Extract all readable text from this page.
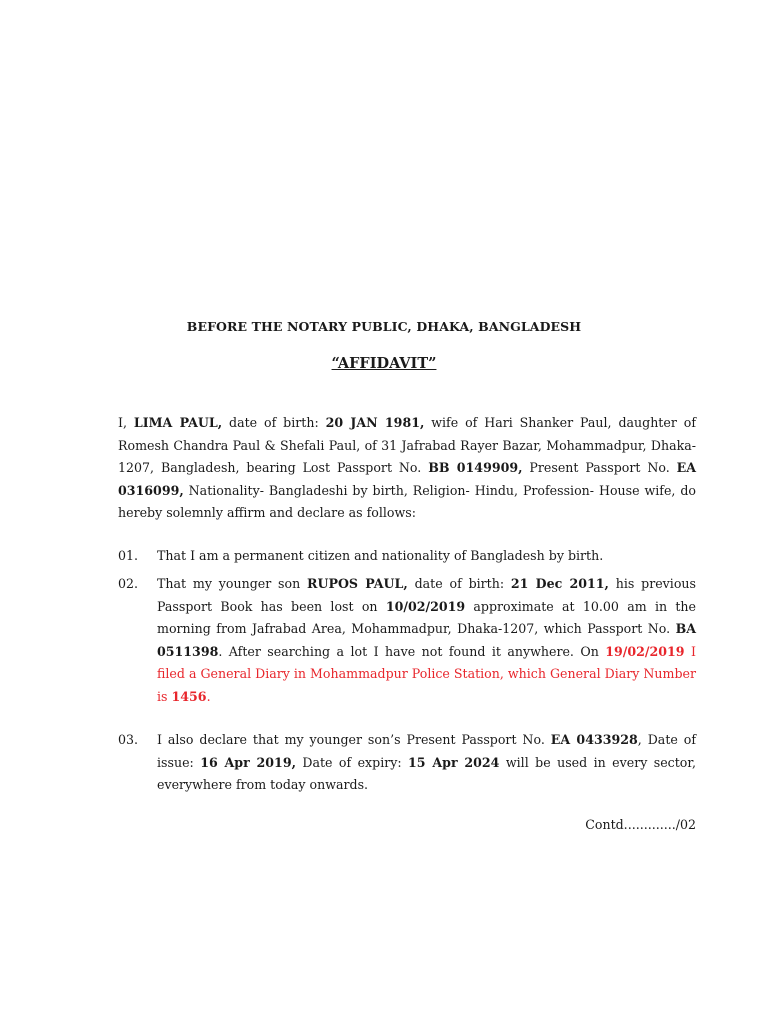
BEFORE THE NOTARY PUBLIC, DHAKA, BANGLADESH
“AFFIDAVIT”
I, LIMA PAUL, date of birth: 20 JAN 1981, wife of Hari Shanker Paul, daughter of Romesh Chandra Paul & Shefali Paul, of 31 Jafrabad Rayer Bazar, Mohammadpur, Dhaka-1207, Bangladesh, bearing Lost Passport No. BB 0149909, Present Passport No. EA 0316099, Nationality- Bangladeshi by birth, Religion- Hindu, Profession- House wife, do hereby solemnly affirm and declare as follows:
01.	That I am a permanent citizen and nationality of Bangladesh by birth.
02.	That my younger son RUPOS PAUL, date of birth: 21 Dec 2011, his previous Passport Book has been lost on 10/02/2019 approximate at 10.00 am in the morning from Jafrabad Area, Mohammadpur, Dhaka-1207, which Passport No. BA 0511398. After searching a lot I have not found it anywhere. On 19/02/2019 I filed a General Diary in Mohammadpur Police Station, which General Diary Number is 1456.
03.	I also declare that my younger son’s Present Passport No. EA 0433928, Date of issue: 16 Apr 2019, Date of expiry: 15 Apr 2024 will be used in every sector, everywhere from today onwards.
Contd............./02
